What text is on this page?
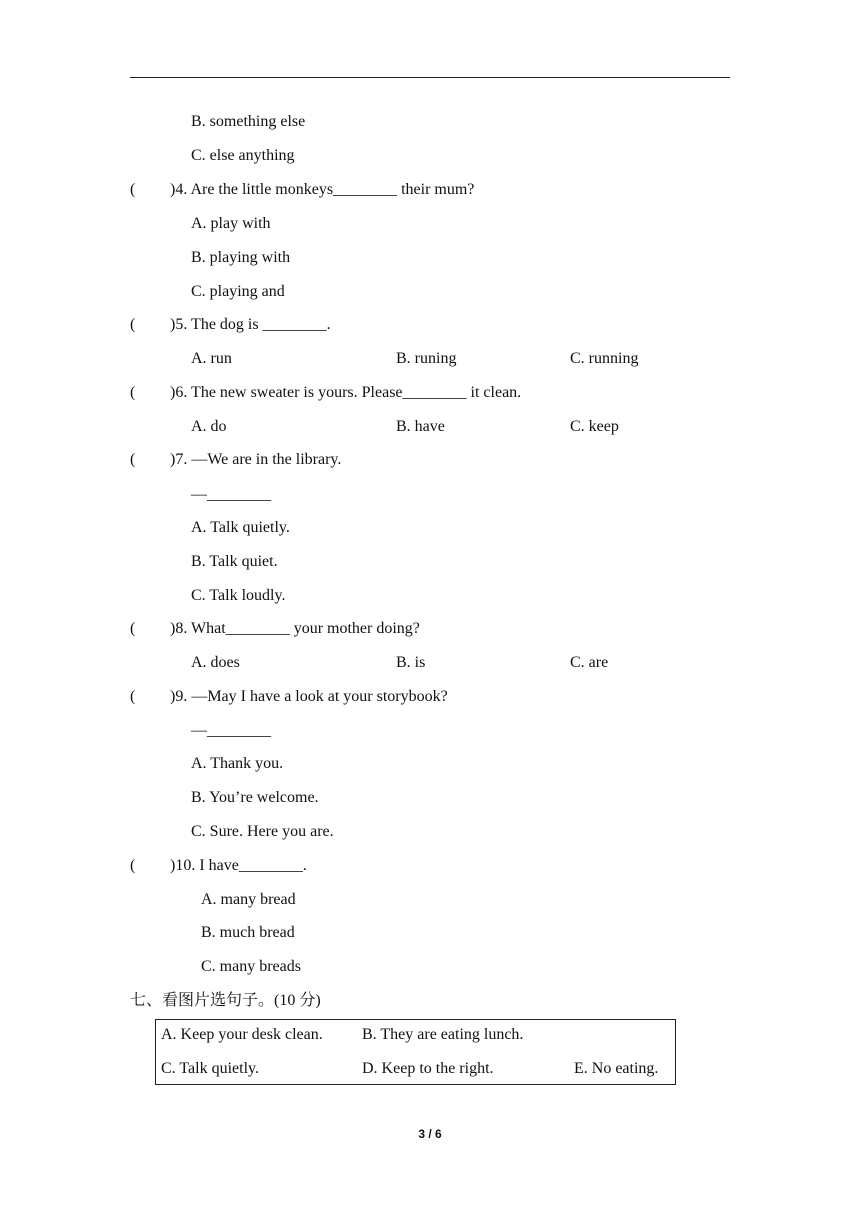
B. something else
C. else anything
( )4. Are the little monkeys________ their mum?
A. play with
B. playing with
C. playing and
( )5. The dog is ________.
A. run	B. runing	C. running
( )6. The new sweater is yours. Please________ it clean.
A. do	B. have	C. keep
( )7. —We are in the library.
—________
A. Talk quietly.
B. Talk quiet.
C. Talk loudly.
( )8. What________ your mother doing?
A. does	B. is	C. are
( )9. —May I have a look at your storybook?
—________
A. Thank you.
B. You’re welcome.
C. Sure. Here you are.
( )10. I have________.
A. many bread
B. much bread
C. many breads
七、看图片选句子。(10 分)
A. Keep your desk clean. B. They are eating lunch.
C. Talk quietly.	D. Keep to the right.	E. No eating.
3 / 6
